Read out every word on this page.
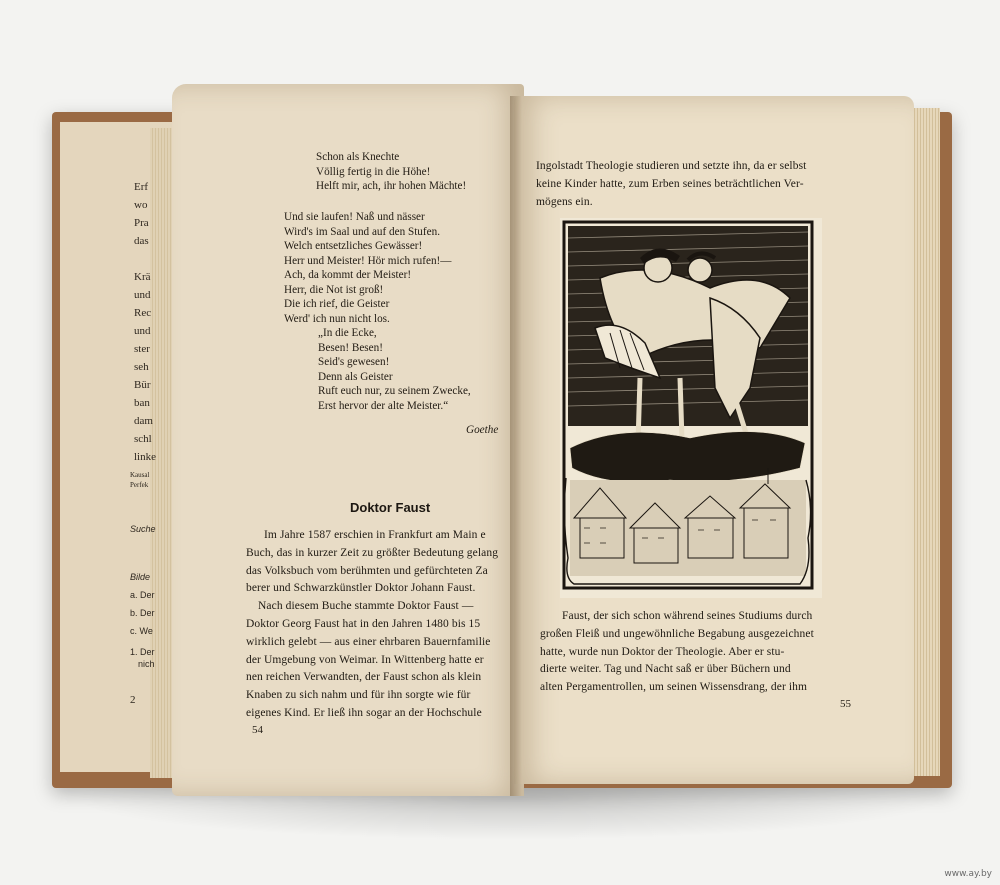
Erf
wo
Pra
das
Krä
und
Rec
und
ster
seh
Bür
ban
dam
schl
linke
Kausal
Perfek
Suche
Bilde
a. Der
b. Der
c. We
1. Der
nich
2
Schon als Knechte
Völlig fertig in die Höhe!
Helft mir, ach, ihr hohen Mächte!
Und sie laufen! Naß und nässer
Wird's im Saal und auf den Stufen.
Welch entsetzliches Gewässer!
Herr und Meister! Hör mich rufen!—
Ach, da kommt der Meister!
Herr, die Not ist groß!
Die ich rief, die Geister
Werd' ich nun nicht los.
„In die Ecke,
Besen! Besen!
Seid's gewesen!
Denn als Geister
Ruft euch nur, zu seinem Zwecke,
Erst hervor der alte Meister.“
Goethe
Doktor Faust
Im Jahre 1587 erschien in Frankfurt am Main e
Buch, das in kurzer Zeit zu größter Bedeutung gelang
das Volksbuch vom berühmten und gefürchteten Za
berer und Schwarzkünstler Doktor Johann Faust.
Nach diesem Buche stammte Doktor Faust —
Doktor Georg Faust hat in den Jahren 1480 bis 15
wirklich gelebt — aus einer ehrbaren Bauernfamilie
der Umgebung von Weimar. In Wittenberg hatte er
nen reichen Verwandten, der Faust schon als klein
Knaben zu sich nahm und für ihn sorgte wie für
eigenes Kind. Er ließ ihn sogar an der Hochschule
54
Ingolstadt Theologie studieren und setzte ihn, da er selbst
keine Kinder hatte, zum Erben seines beträchtlichen Ver-
mögens ein.
Faust, der sich schon während seines Studiums durch
großen Fleiß und ungewöhnliche Begabung ausgezeichnet
hatte, wurde nun Doktor der Theologie. Aber er stu-
dierte weiter. Tag und Nacht saß er über Büchern und
alten Pergamentrollen, um seinen Wissensdrang, der ihm
55
www.ay.by
